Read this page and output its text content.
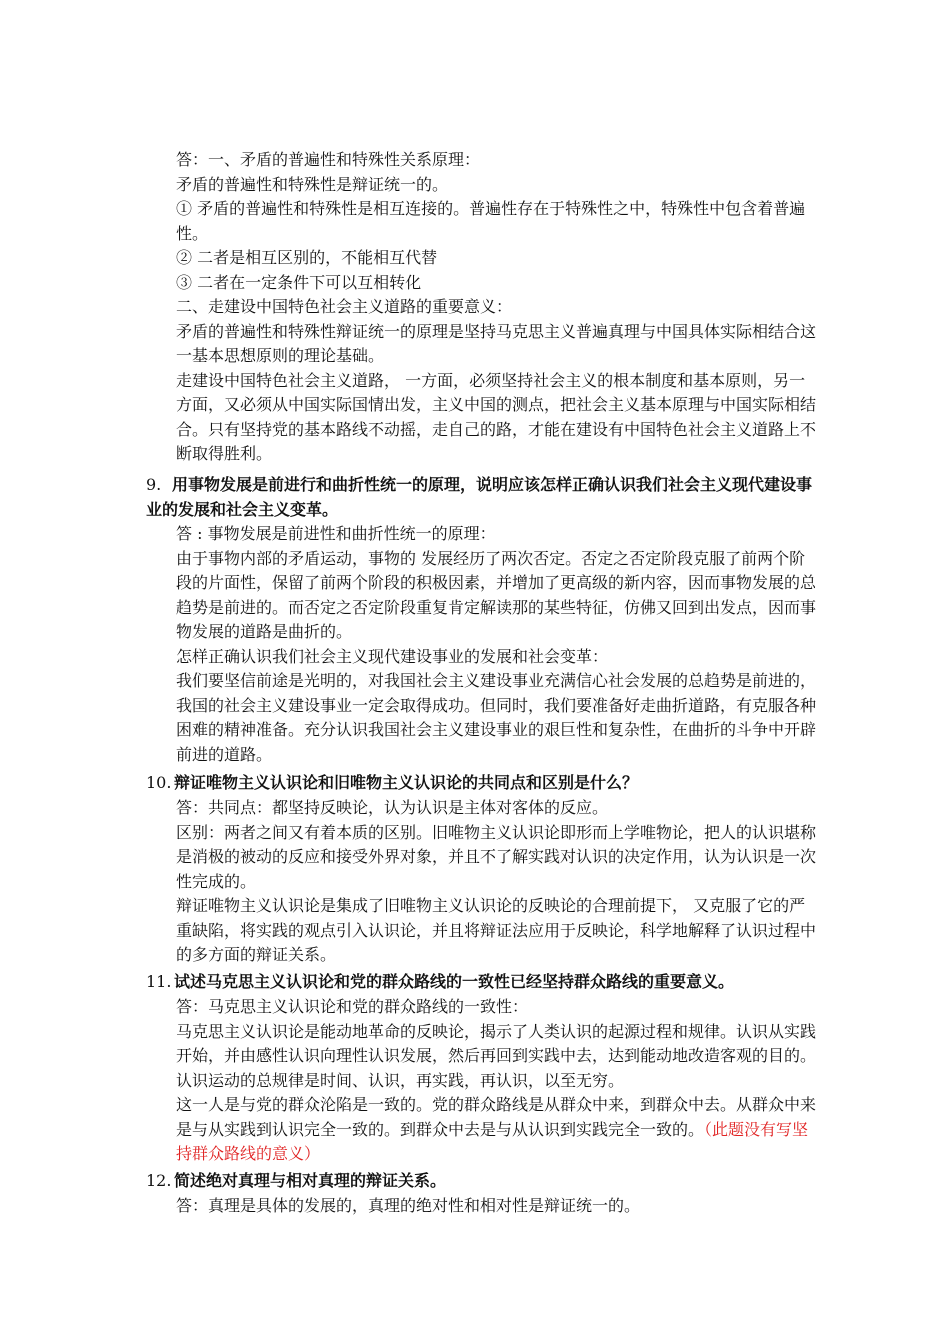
答：一、矛盾的普遍性和特殊性关系原理：

矛盾的普遍性和特殊性是辩证统一的。

① 矛盾的普遍性和特殊性是相互连接的。普遍性存在于特殊性之中，特殊性中包含着普遍性。

② 二者是相互区别的，不能相互代替

③ 二者在一定条件下可以互相转化

二、走建设中国特色社会主义道路的重要意义：

矛盾的普遍性和特殊性辩证统一的原理是坚持马克思主义普遍真理与中国具体实际相结合这一基本思想原则的理论基础。

走建设中国特色社会主义道路， 一方面，必须坚持社会主义的根本制度和基本原则，另一方面，又必须从中国实际国情出发，主义中国的测点，把社会主义基本原理与中国实际相结合。只有坚持党的基本路线不动摇，走自己的路，才能在建设有中国特色社会主义道路上不断取得胜利。

9. 用事物发展是前进行和曲折性统一的原理，说明应该怎样正确认识我们社会主义现代建设事业的发展和社会主义变革。

答 : 事物发展是前进性和曲折性统一的原理：

由于事物内部的矛盾运动，事物的 发展经历了两次否定。否定之否定阶段克服了前两个阶段的片面性，保留了前两个阶段的积极因素，并增加了更高级的新内容，因而事物发展的总趋势是前进的。而否定之否定阶段重复肯定解读那的某些特征，仿佛又回到出发点，因而事物发展的道路是曲折的。

怎样正确认识我们社会主义现代建设事业的发展和社会变革：

我们要坚信前途是光明的，对我国社会主义建设事业充满信心社会发展的总趋势是前进的，我国的社会主义建设事业一定会取得成功。但同时，我们要准备好走曲折道路，有克服各种困难的精神准备。充分认识我国社会主义建设事业的艰巨性和复杂性，在曲折的斗争中开辟前进的道路。

10. 辩证唯物主义认识论和旧唯物主义认识论的共同点和区别是什么？

答：共同点：都坚持反映论，认为认识是主体对客体的反应。

区别：两者之间又有着本质的区别。旧唯物主义认识论即形而上学唯物论，把人的认识堪称是消极的被动的反应和接受外界对象，并且不了解实践对认识的决定作用，认为认识是一次性完成的。

辩证唯物主义认识论是集成了旧唯物主义认识论的反映论的合理前提下， 又克服了它的严重缺陷，将实践的观点引入认识论，并且将辩证法应用于反映论，科学地解释了认识过程中的多方面的辩证关系。

11. 试述马克思主义认识论和党的群众路线的一致性已经坚持群众路线的重要意义。

答：马克思主义认识论和党的群众路线的一致性：

马克思主义认识论是能动地革命的反映论，揭示了人类认识的起源过程和规律。认识从实践开始，并由感性认识向理性认识发展，然后再回到实践中去，达到能动地改造客观的目的。认识运动的总规律是时间、认识，再实践，再认识，以至无穷。

这一人是与党的群众沦陷是一致的。党的群众路线是从群众中来，到群众中去。从群众中来是与从实践到认识完全一致的。到群众中去是与从认识到实践完全一致的。（此题没有写坚持群众路线的意义）

12. 简述绝对真理与相对真理的辩证关系。

答：真理是具体的发展的，真理的绝对性和相对性是辩证统一的。
